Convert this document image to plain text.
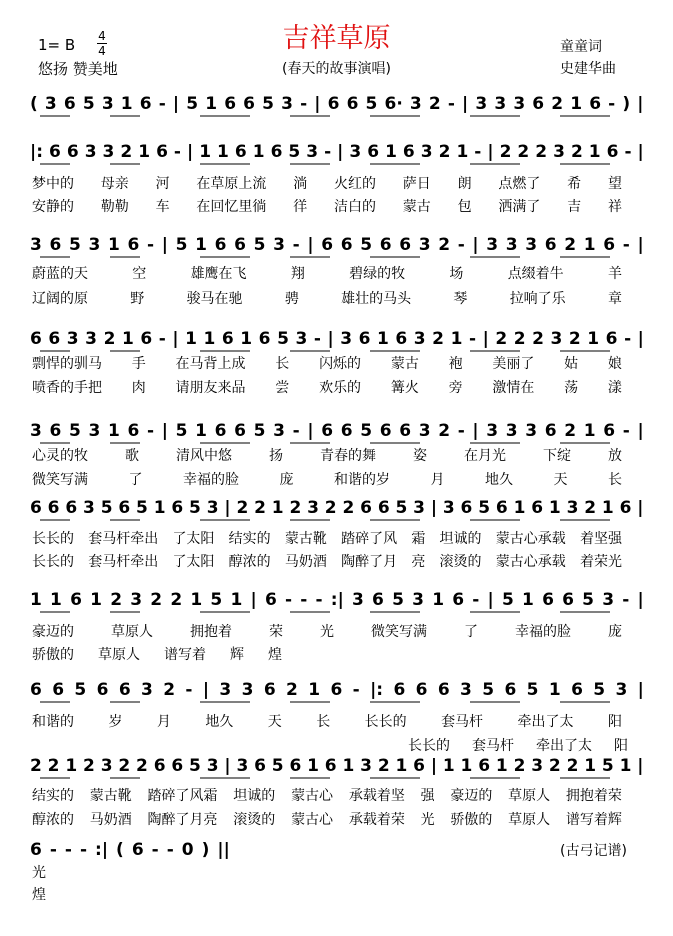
1= B 4
4
悠扬 赞美地
吉祥草原
(春天的故事演唱)
童童词
史建华曲
( 3 6 5 3 1 6 - | 5 1 6 6 5 3 - | 6 6 5 6· 3 2 - | 3 3 3 6 2 1 6 - ) |
|: 6 6 3 3 2 1 6 - | 1 1 6 1 6 5 3 - | 3 6 1 6 3 2 1 - | 2 2 2 3 2 1 6 - |
梦中的 母亲 河 在草原上流 淌 火红的 萨日 朗 点燃了 希 望
安静的 勒勒 车 在回忆里徜 徉 洁白的 蒙古 包 洒满了 吉 祥
3 6 5 3 1 6 - | 5 1 6 6 5 3 - | 6 6 5 6 6 3 2 - | 3 3 3 6 2 1 6 - |
蔚蓝的天	空	雄鹰在飞	翔	碧绿的牧	场	点缀着牛	羊
辽阔的原	野	骏马在驰	骋	雄壮的马头	琴	拉响了乐	章
6 6 3 3 2 1 6 - | 1 1 6 1 6 5 3 - | 3 6 1 6 3 2 1 - | 2 2 2 3 2 1 6 - |
剽悍的驯马 手 在马背上成 长 闪烁的 蒙古 袍 美丽了 姑 娘
喷香的手把 肉 请朋友来品 尝 欢乐的 篝火 旁 激情在 荡 漾
3 6 5 3 1 6 - | 5 1 6 6 5 3 - | 6 6 5 6 6 3 2 - | 3 3 3 6 2 1 6 - |
心灵的牧	歌	清风中悠	扬	青春的舞	姿	在月光	下绽	放
微笑写满	了	幸福的脸	庞	和谐的岁	月	地久	天	长
6 6 6 3 5 6 5 1 6 5 3 | 2 2 1 2 3 2 2 6 6 5 3 | 3 6 5 6 1 6 1 3 2 1 6 |
长长的 套马杆牵出 了太阳 结实的 蒙古靴 踏碎了风 霜 坦诚的 蒙古心承载 着坚强
长长的 套马杆牵出 了太阳 醇浓的 马奶酒 陶醉了月 亮 滚烫的 蒙古心承载 着荣光
1 1 6 1 2 3 2 2 1 5 1 | 6 - - - :| 3 6 5 3 1 6 - | 5 1 6 6 5 3 - |
豪迈的	草原人	拥抱着	荣	光	微笑写满	了	幸福的脸	庞
骄傲的 草原人 谱写着 辉 煌
6 6 5 6 6 3 2 - | 3 3 6 2 1 6 - |: 6 6 6 3 5 6 5 1 6 5 3 |
和谐的 岁 月 地久 天 长 长长的 套马杆 牵出了太 阳
长长的 套马杆 牵出了太 阳
2 2 1 2 3 2 2 6 6 5 3 | 3 6 5 6 1 6 1 3 2 1 6 | 1 1 6 1 2 3 2 2 1 5 1 |
结实的 蒙古靴 踏碎了风霜 坦诚的 蒙古心 承载着坚 强 豪迈的 草原人 拥抱着荣
醇浓的 马奶酒 陶醉了月亮 滚烫的 蒙古心 承载着荣 光 骄傲的 草原人 谱写着辉
6 - - - :| ( 6 - - 0 ) ||
光
煌
(古弓记谱)
